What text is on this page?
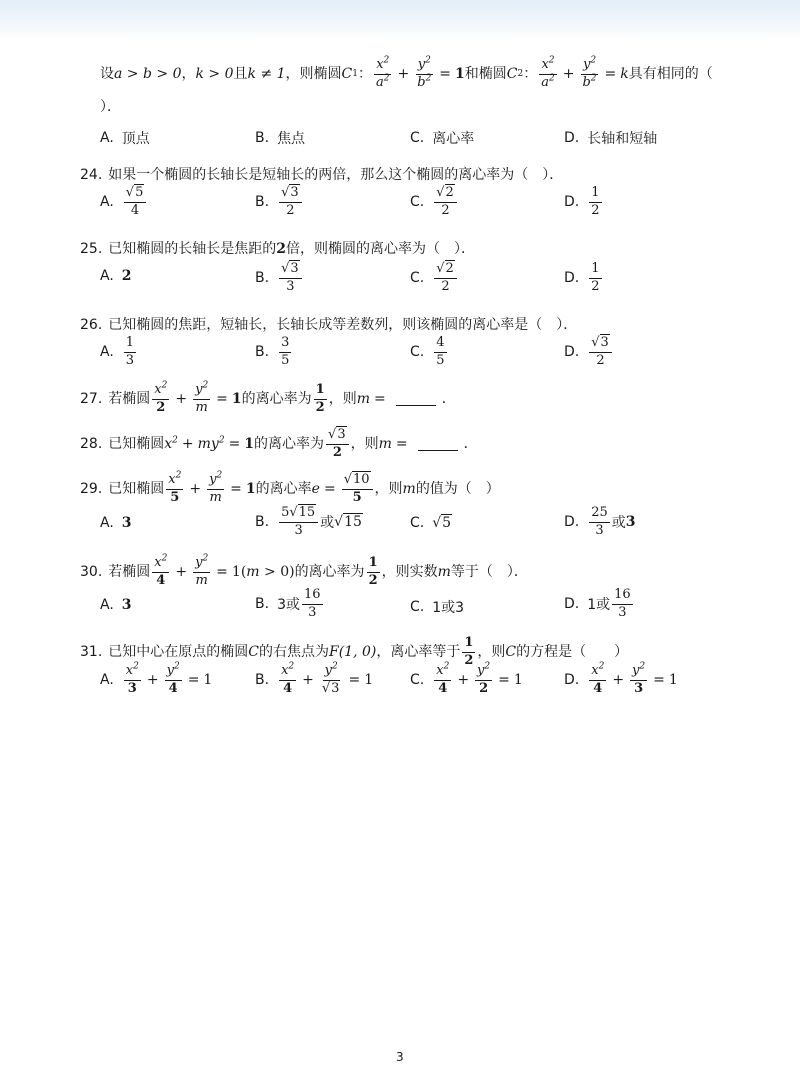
设 a > b > 0 ， k > 0 且 k ≠ 1 ，则椭圆 C 1 ： $\frac{x^2}{a^2} + \frac{y^2}{b^2} = 1$ 和椭圆 C 2 ： $\frac{x^2}{a^2} + \frac{y^2}{b^2} = k$ 具有相同的（
）．
A. 顶点	B. 焦点	C. 离心率	D. 长轴和短轴
24. 如果一个椭圆的长轴长是短轴长的两倍，那么这个椭圆的离心率为（　）．
A. $\frac{√5}{4}$	B. $\frac{√3}{2}$	C. $\frac{√2}{2}$	D. $\frac{1}{2}$
25. 已知椭圆的长轴长是焦距的 2 倍，则椭圆的离心率为（　）．
A. 2	B. $\frac{√3}{3}$	C. $\frac{√2}{2}$	D. $\frac{1}{2}$
26. 已知椭圆的焦距，短轴长，长轴长成等差数列，则该椭圆的离心率是（　）．
A. $\frac{1}{3}$	B. $\frac{3}{5}$	C. $\frac{4}{5}$	D. $\frac{√3}{2}$
27. 若椭圆 $\frac{x^2}{2} + \frac{y^2}{m} = 1$ 的离心率为 $\frac{1}{2}$ ，则 m =	．
28. 已知椭圆 $x^2 + my^2 = 1$ 的离心率为 $\frac{√3}{2}$ ，则 m =	．
29. 已知椭圆 $\frac{x^2}{5} + \frac{y^2}{m} = 1$ 的离心率 $e = \frac{√10}{5}$ ，则 m 的值为（　）
A. 3	B. $\frac{5√15}{3}$ 或 √15	C. √5	D. $\frac{25}{3}$ 或 3
30. 若椭圆 $\frac{x^2}{4} + \frac{y^2}{m} = 1(m > 0)$ 的离心率为 $\frac{1}{2}$ ，则实数 m 等于（　）．
A. 3	B. 3或 $\frac{16}{3}$	C. 1或3	D. 1或 $\frac{16}{3}$
31. 已知中心在原点的椭圆 C 的右焦点为 F(1, 0) ，离心率等于 $\frac{1}{2}$ ，则 C 的方程是（　　）
A. $\frac{x^2}{3} + \frac{y^2}{4} = 1$	B. $\frac{x^2}{4} + \frac{y^2}{√3} = 1$	C. $\frac{x^2}{4} + \frac{y^2}{2} = 1$	D. $\frac{x^2}{4} + \frac{y^2}{3} = 1$
3
